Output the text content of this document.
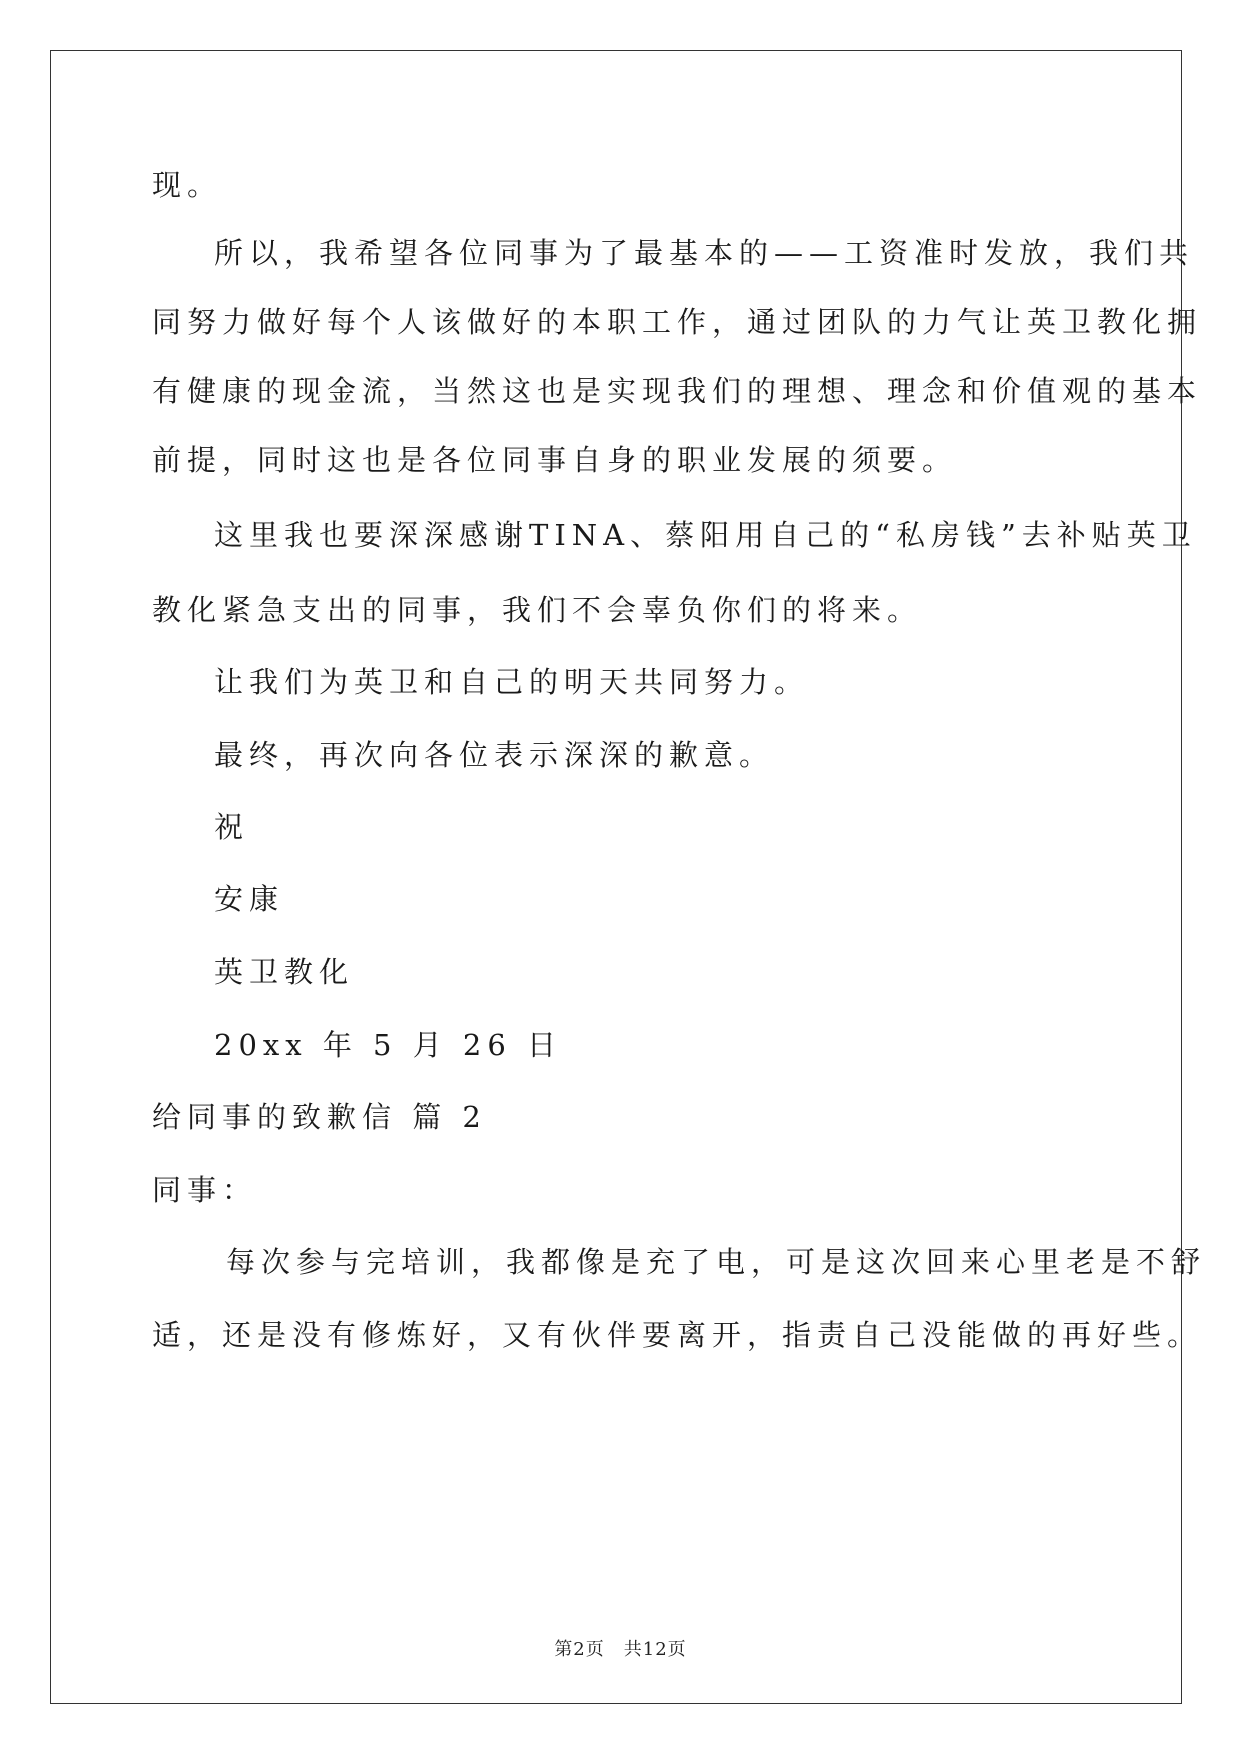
现。
所以，我希望各位同事为了最基本的——工资准时发放，我们共
同努力做好每个人该做好的本职工作，通过团队的力气让英卫教化拥
有健康的现金流，当然这也是实现我们的理想、理念和价值观的基本
前提，同时这也是各位同事自身的职业发展的须要。
这里我也要深深感谢TINA、蔡阳用自己的“私房钱”去补贴英卫
教化紧急支出的同事，我们不会辜负你们的将来。
让我们为英卫和自己的明天共同努力。
最终，再次向各位表示深深的歉意。
祝
安康
英卫教化
20xx 年 5 月 26 日
给同事的致歉信 篇 2
同事：
每次参与完培训，我都像是充了电，可是这次回来心里老是不舒
适，还是没有修炼好，又有伙伴要离开，指责自己没能做的再好些。
第2页　共12页
